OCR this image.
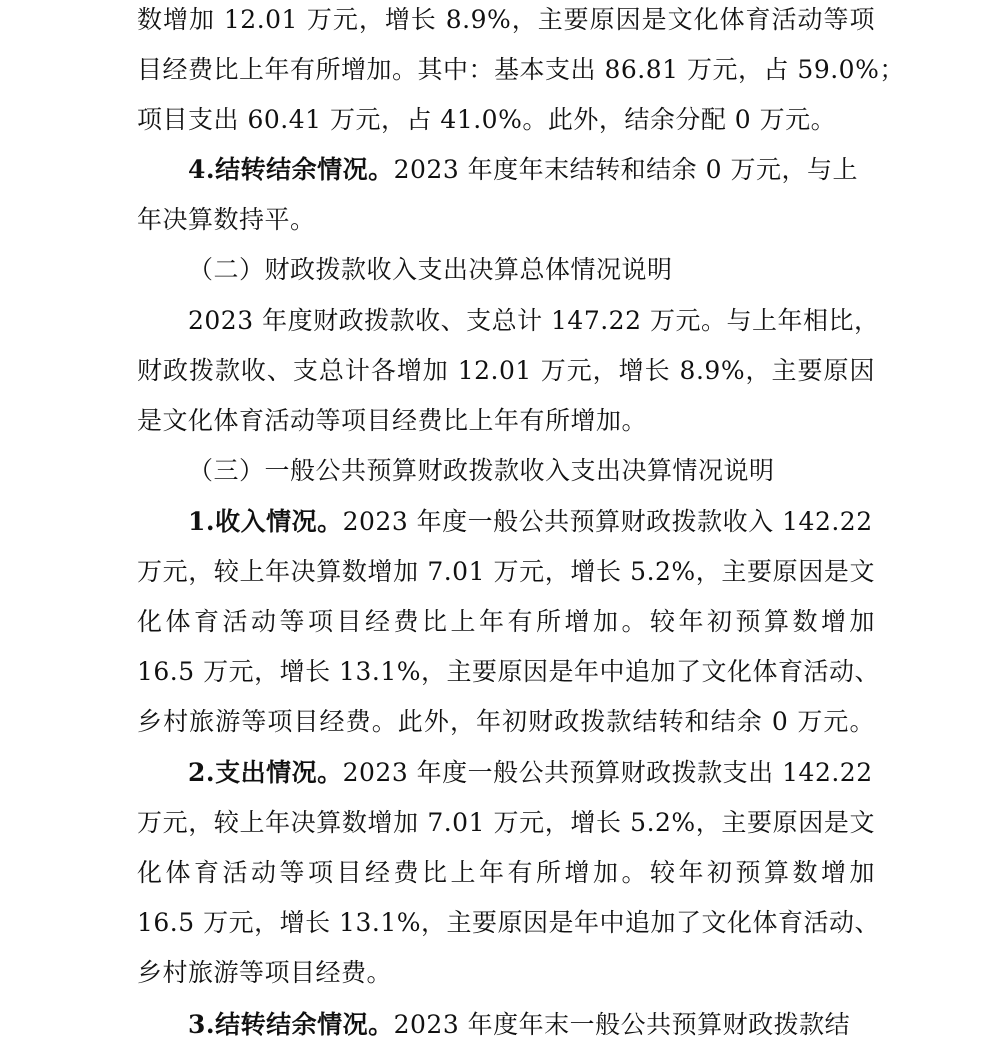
数增加 12.01 万元，增长 8.9%，主要原因是文化体育活动等项
目经费比上年有所增加。其中：基本支出 86.81 万元，占 59.0%；
项目支出 60.41 万元，占 41.0%。此外，结余分配 0 万元。
4.结转结余情况。2023 年度年末结转和结余 0 万元，与上
年决算数持平。
（二）财政拨款收入支出决算总体情况说明
2023 年度财政拨款收、支总计 147.22 万元。与上年相比，
财政拨款收、支总计各增加 12.01 万元，增长 8.9%，主要原因
是文化体育活动等项目经费比上年有所增加。
（三）一般公共预算财政拨款收入支出决算情况说明
1.收入情况。2023 年度一般公共预算财政拨款收入 142.22
万元，较上年决算数增加 7.01 万元，增长 5.2%，主要原因是文
化体育活动等项目经费比上年有所增加。较年初预算数增加
16.5 万元，增长 13.1%，主要原因是年中追加了文化体育活动、
乡村旅游等项目经费。此外，年初财政拨款结转和结余 0 万元。
2.支出情况。2023 年度一般公共预算财政拨款支出 142.22
万元，较上年决算数增加 7.01 万元，增长 5.2%，主要原因是文
化体育活动等项目经费比上年有所增加。较年初预算数增加
16.5 万元，增长 13.1%，主要原因是年中追加了文化体育活动、
乡村旅游等项目经费。
3.结转结余情况。2023 年度年末一般公共预算财政拨款结
